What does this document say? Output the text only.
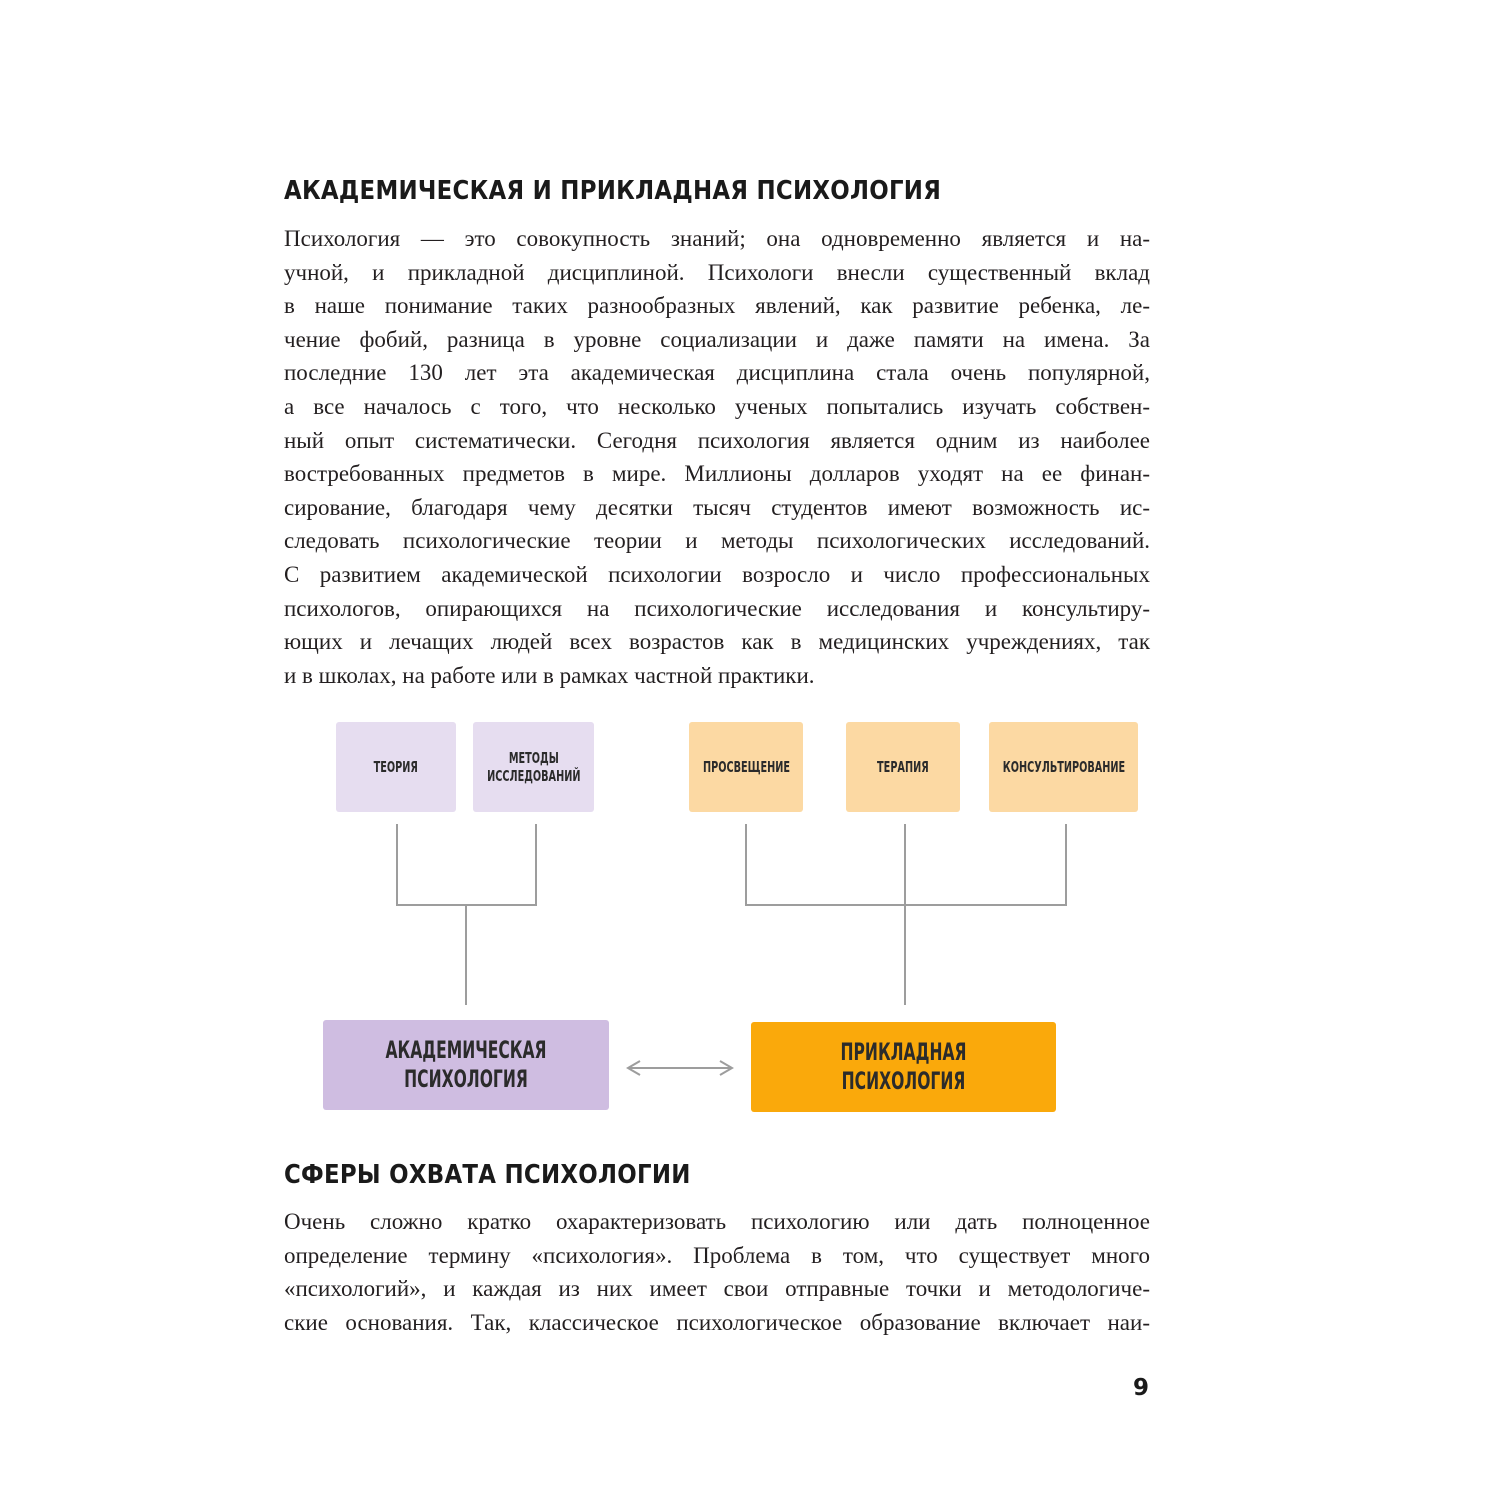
АКАДЕМИЧЕСКАЯ И ПРИКЛАДНАЯ ПСИХОЛОГИЯ

Психология — это совокупность знаний; она одновременно является и на-
учной, и прикладной дисциплиной. Психологи внесли существенный вклад
в наше понимание таких разнообразных явлений, как развитие ребенка, ле-
чение фобий, разница в уровне социализации и даже памяти на имена. За
последние 130 лет эта академическая дисциплина стала очень популярной,
а все началось с того, что несколько ученых попытались изучать собствен-
ный опыт систематически. Сегодня психология является одним из наиболее
востребованных предметов в мире. Миллионы долларов уходят на ее финан-
сирование, благодаря чему десятки тысяч студентов имеют возможность ис-
следовать психологические теории и методы психологических исследований.
С развитием академической психологии возросло и число профессиональных
психологов, опирающихся на психологические исследования и консультиру-
ющих и лечащих людей всех возрастов как в медицинских учреждениях, так
и в школах, на работе или в рамках частной практики.

ТЕОРИЯ	МЕТОДЫ
ИССЛЕДОВАНИЙ	ПРОСВЕЩЕНИЕ	ТЕРАПИЯ	КОНСУЛЬТИРОВАНИЕ
АКАДЕМИЧЕСКАЯ ПСИХОЛОГИЯ
ПРИКЛАДНАЯ ПСИХОЛОГИЯ
СФЕРЫ ОХВАТА ПСИХОЛОГИИ

Очень сложно кратко охарактеризовать психологию или дать полноценное
определение термину «психология». Проблема в том, что существует много
«психологий», и каждая из них имеет свои отправные точки и методологиче-
ские основания. Так, классическое психологическое образование включает наи-

9
